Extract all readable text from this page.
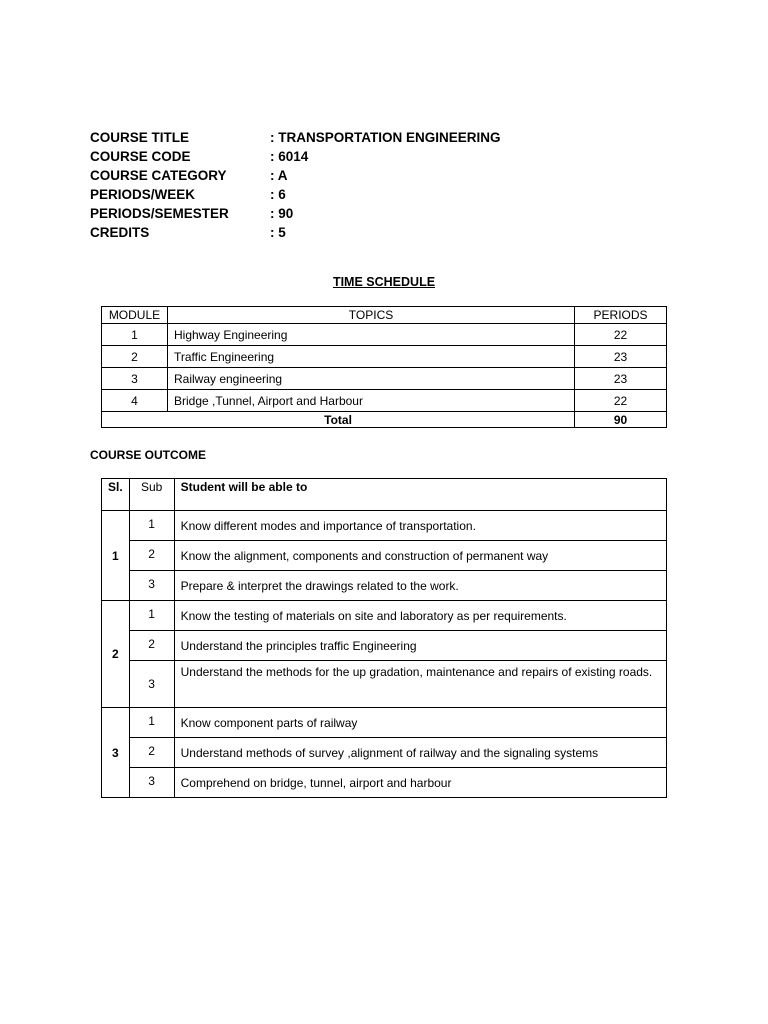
COURSE TITLE	: TRANSPORTATION ENGINEERING
COURSE CODE	: 6014
COURSE CATEGORY	: A
PERIODS/WEEK	: 6
PERIODS/SEMESTER	: 90
CREDITS	: 5
TIME SCHEDULE
MODULE	TOPICS	PERIODS
1	Highway Engineering	22
2	Traffic Engineering	23
3	Railway engineering	23
4	Bridge ,Tunnel, Airport and Harbour	22
Total		90
COURSE OUTCOME
Sl.	Sub	Student will be able to
1	1	Know different modes and importance of transportation.
	2	Know the alignment, components and construction of permanent way
	3	Prepare & interpret the drawings related to the work.
2	1	Know the testing of materials on site and laboratory as per requirements.
	2	Understand the principles traffic Engineering
	3	Understand the methods for the up gradation, maintenance and repairs of existing roads.
3	1	Know component parts of railway
	2	Understand methods of survey ,alignment of railway and the signaling systems
	3	Comprehend on bridge, tunnel, airport and harbour
